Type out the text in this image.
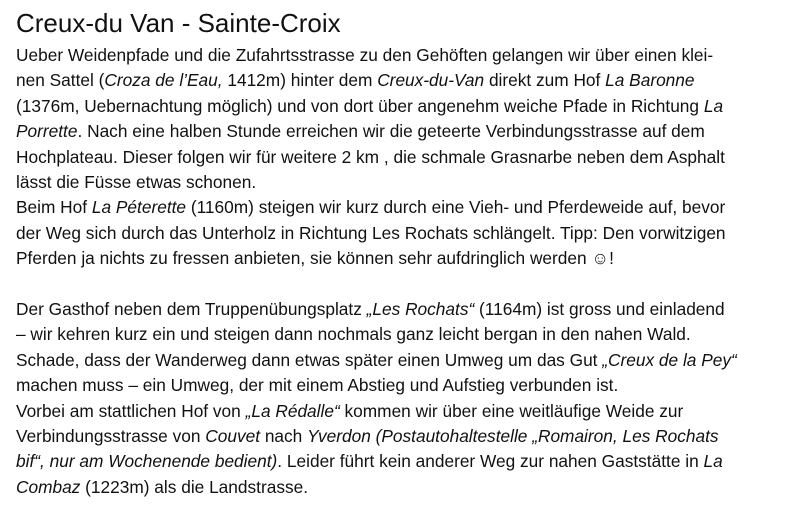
Creux-du Van - Sainte-Croix
Ueber Weidenpfade und die Zufahrtsstrasse zu den Gehöften gelangen wir über einen klei-
nen Sattel (Croza de l’Eau, 1412m) hinter dem Creux-du-Van direkt zum Hof La Baronne
(1376m, Uebernachtung möglich) und von dort über angenehm weiche Pfade in Richtung La
Porrette. Nach eine halben Stunde erreichen wir die geteerte Verbindungsstrasse auf dem
Hochplateau. Dieser folgen wir für weitere 2 km , die schmale Grasnarbe neben dem Asphalt
lässt die Füsse etwas schonen.
Beim Hof La Péterette (1160m) steigen wir kurz durch eine Vieh- und Pferdeweide auf, bevor
der Weg sich durch das Unterholz in Richtung Les Rochats schlängelt. Tipp: Den vorwitzigen
Pferden ja nichts zu fressen anbieten, sie können sehr aufdringlich werden ☺!
Der Gasthof neben dem Truppenübungsplatz „Les Rochats“ (1164m) ist gross und einladend
– wir kehren kurz ein und steigen dann nochmals ganz leicht bergan in den nahen Wald.
Schade, dass der Wanderweg dann etwas später einen Umweg um das Gut „Creux de la Pey“
machen muss – ein Umweg, der mit einem Abstieg und Aufstieg verbunden ist.
Vorbei am stattlichen Hof von „La Rédalle“ kommen wir über eine weitläufige Weide zur
Verbindungsstrasse von Couvet nach Yverdon (Postautohaltestelle „Romairon, Les Rochats
bif“, nur am Wochenende bedient). Leider führt kein anderer Weg zur nahen Gaststätte in La
Combaz (1223m) als die Landstrasse.
